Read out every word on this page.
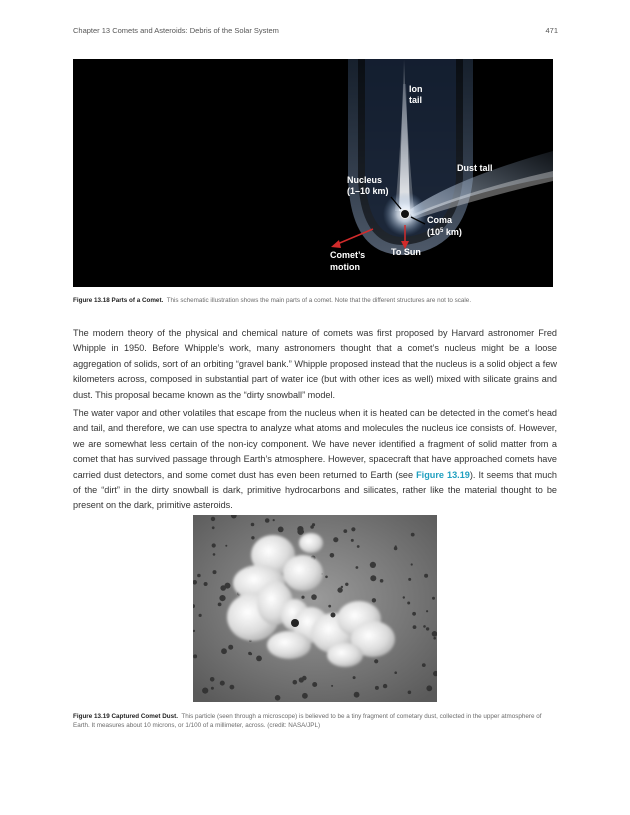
Chapter 13 Comets and Asteroids: Debris of the Solar System	471
Ion
tail
Dust tall
Nucleus
(1–10 km)
Coma
($10^5$ km)
To Sun
Comet’s
motion
Figure 13.18 Parts of a Comet. This schematic illustration shows the main parts of a comet. Note that the different structures are not to scale.

The modern theory of the physical and chemical nature of comets was first proposed by Harvard astronomer Fred Whipple in 1950. Before Whipple’s work, many astronomers thought that a comet’s nucleus might be a loose aggregation of solids, sort of an orbiting “gravel bank.” Whipple proposed instead that the nucleus is a solid object a few kilometers across, composed in substantial part of water ice (but with other ices as well) mixed with silicate grains and dust. This proposal became known as the “dirty snowball” model.

The water vapor and other volatiles that escape from the nucleus when it is heated can be detected in the comet’s head and tail, and therefore, we can use spectra to analyze what atoms and molecules the nucleus ice consists of. However, we are somewhat less certain of the non-icy component. We have never identified a fragment of solid matter from a comet that has survived passage through Earth’s atmosphere. However, spacecraft that have approached comets have carried dust detectors, and some comet dust has even been returned to Earth (see Figure 13.19). It seems that much of the “dirt” in the dirty snowball is dark, primitive hydrocarbons and silicates, rather like the material thought to be present on the dark, primitive asteroids.

Figure 13.19 Captured Comet Dust. This particle (seen through a microscope) is believed to be a tiny fragment of cometary dust, collected in the upper atmosphere of Earth. It measures about 10 microns, or 1/100 of a millimeter, across. (credit: NASA/JPL)
